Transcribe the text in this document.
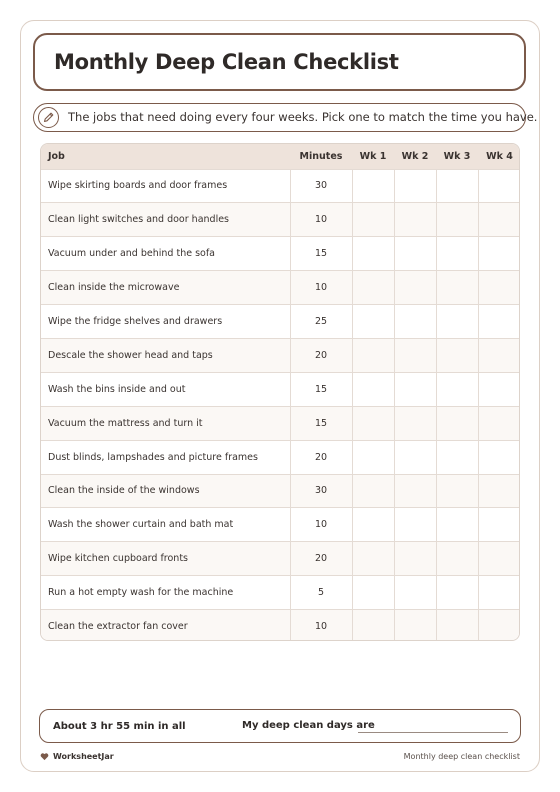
Monthly Deep Clean Checklist
The jobs that need doing every four weeks. Pick one to match the time you have.
Job	Minutes	Wk 1	Wk 2	Wk 3	Wk 4
Wipe skirting boards and door frames	30				
Clean light switches and door handles	10				
Vacuum under and behind the sofa	15				
Clean inside the microwave	10				
Wipe the fridge shelves and drawers	25				
Descale the shower head and taps	20				
Wash the bins inside and out	15				
Vacuum the mattress and turn it	15				
Dust blinds, lampshades and picture frames	20				
Clean the inside of the windows	30				
Wash the shower curtain and bath mat	10				
Wipe kitchen cupboard fronts	20				
Run a hot empty wash for the machine	5				
Clean the extractor fan cover	10				
About 3 hr 55 min in all	My deep clean days are
WorksheetJar	Monthly deep clean checklist
